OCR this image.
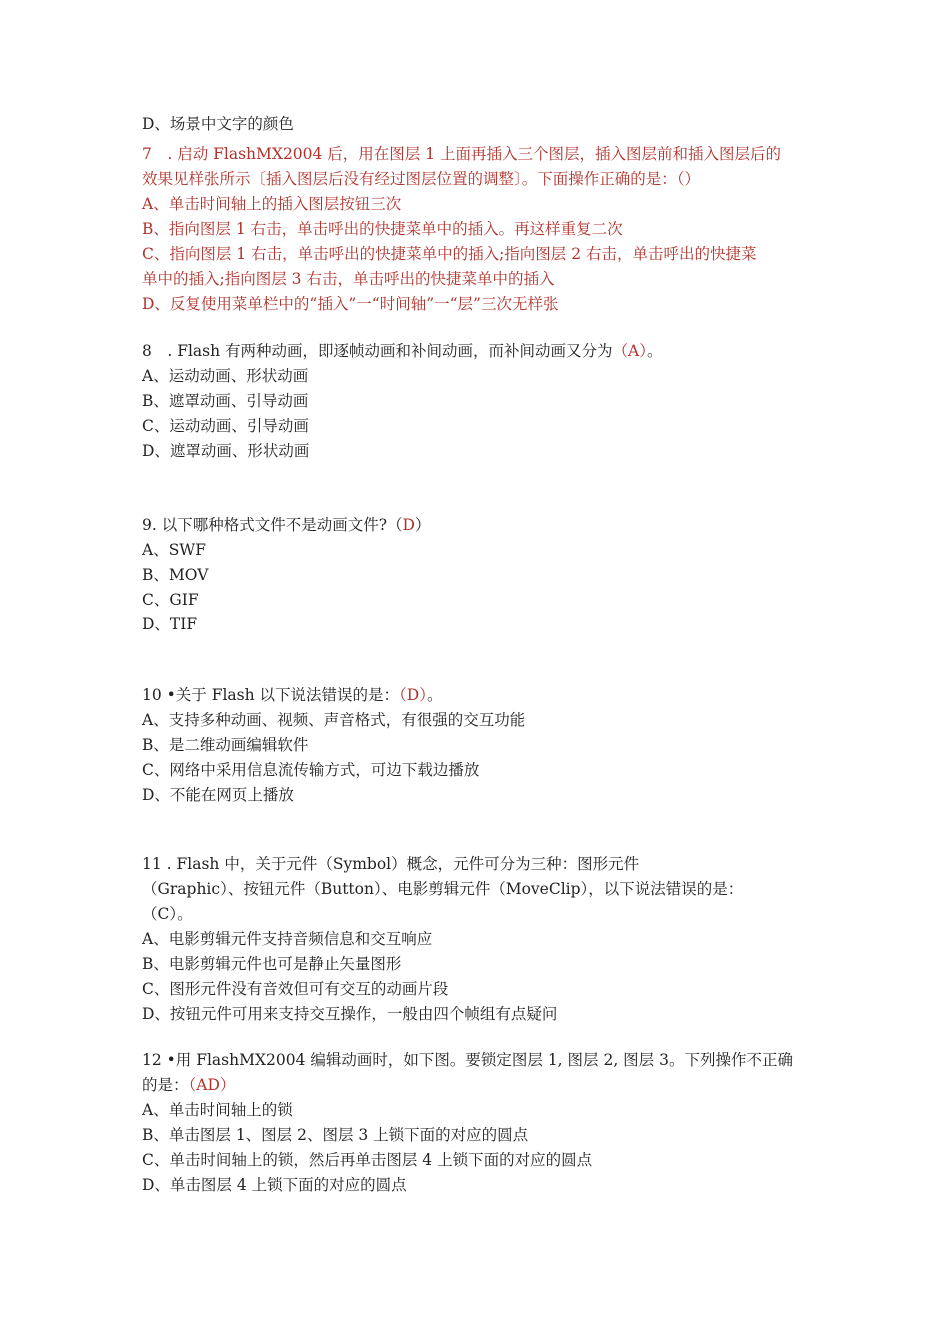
D、场景中文字的颜色
7　. 启动 FlashMX2004 后，用在图层 1 上面再插入三个图层，插入图层前和插入图层后的
效果见样张所示〔插入图层后没有经过图层位置的调整〕。下面操作正确的是：（）
A、单击时间轴上的插入图层按钮三次
B、指向图层 1 右击，单击呼出的快捷菜单中的插入。再这样重复二次
C、指向图层 1 右击，单击呼出的快捷菜单中的插入;指向图层 2 右击，单击呼出的快捷菜
单中的插入;指向图层 3 右击，单击呼出的快捷菜单中的插入
D、反复使用菜单栏中的“插入”一“时间轴”一“层”三次无样张
8　. Flash 有两种动画，即逐帧动画和补间动画，而补间动画又分为（A）。
A、运动动画、形状动画
B、遮罩动画、引导动画
C、运动动画、引导动画
D、遮罩动画、形状动画
9. 以下哪种格式文件不是动画文件?（D）
A、SWF
B、MOV
C、GIF
D、TIF
10 •关于 Flash 以下说法错误的是：（D）。
A、支持多种动画、视频、声音格式，有很强的交互功能
B、是二维动画编辑软件
C、网络中采用信息流传输方式，可边下载边播放
D、不能在网页上播放
11 . Flash 中，关于元件（Symbol）概念，元件可分为三种：图形元件
（Graphic）、按钮元件（Button）、电影剪辑元件（MoveClip），以下说法错误的是：
（C）。
A、电影剪辑元件支持音频信息和交互响应
B、电影剪辑元件也可是静止矢量图形
C、图形元件没有音效但可有交互的动画片段
D、按钮元件可用来支持交互操作，一般由四个帧组有点疑问
12 •用 FlashMX2004 编辑动画时，如下图。要锁定图层 1, 图层 2, 图层 3。下列操作不正确
的是：（AD）
A、单击时间轴上的锁
B、单击图层 1、图层 2、图层 3 上锁下面的对应的圆点
C、单击时间轴上的锁，然后再单击图层 4 上锁下面的对应的圆点
D、单击图层 4 上锁下面的对应的圆点
